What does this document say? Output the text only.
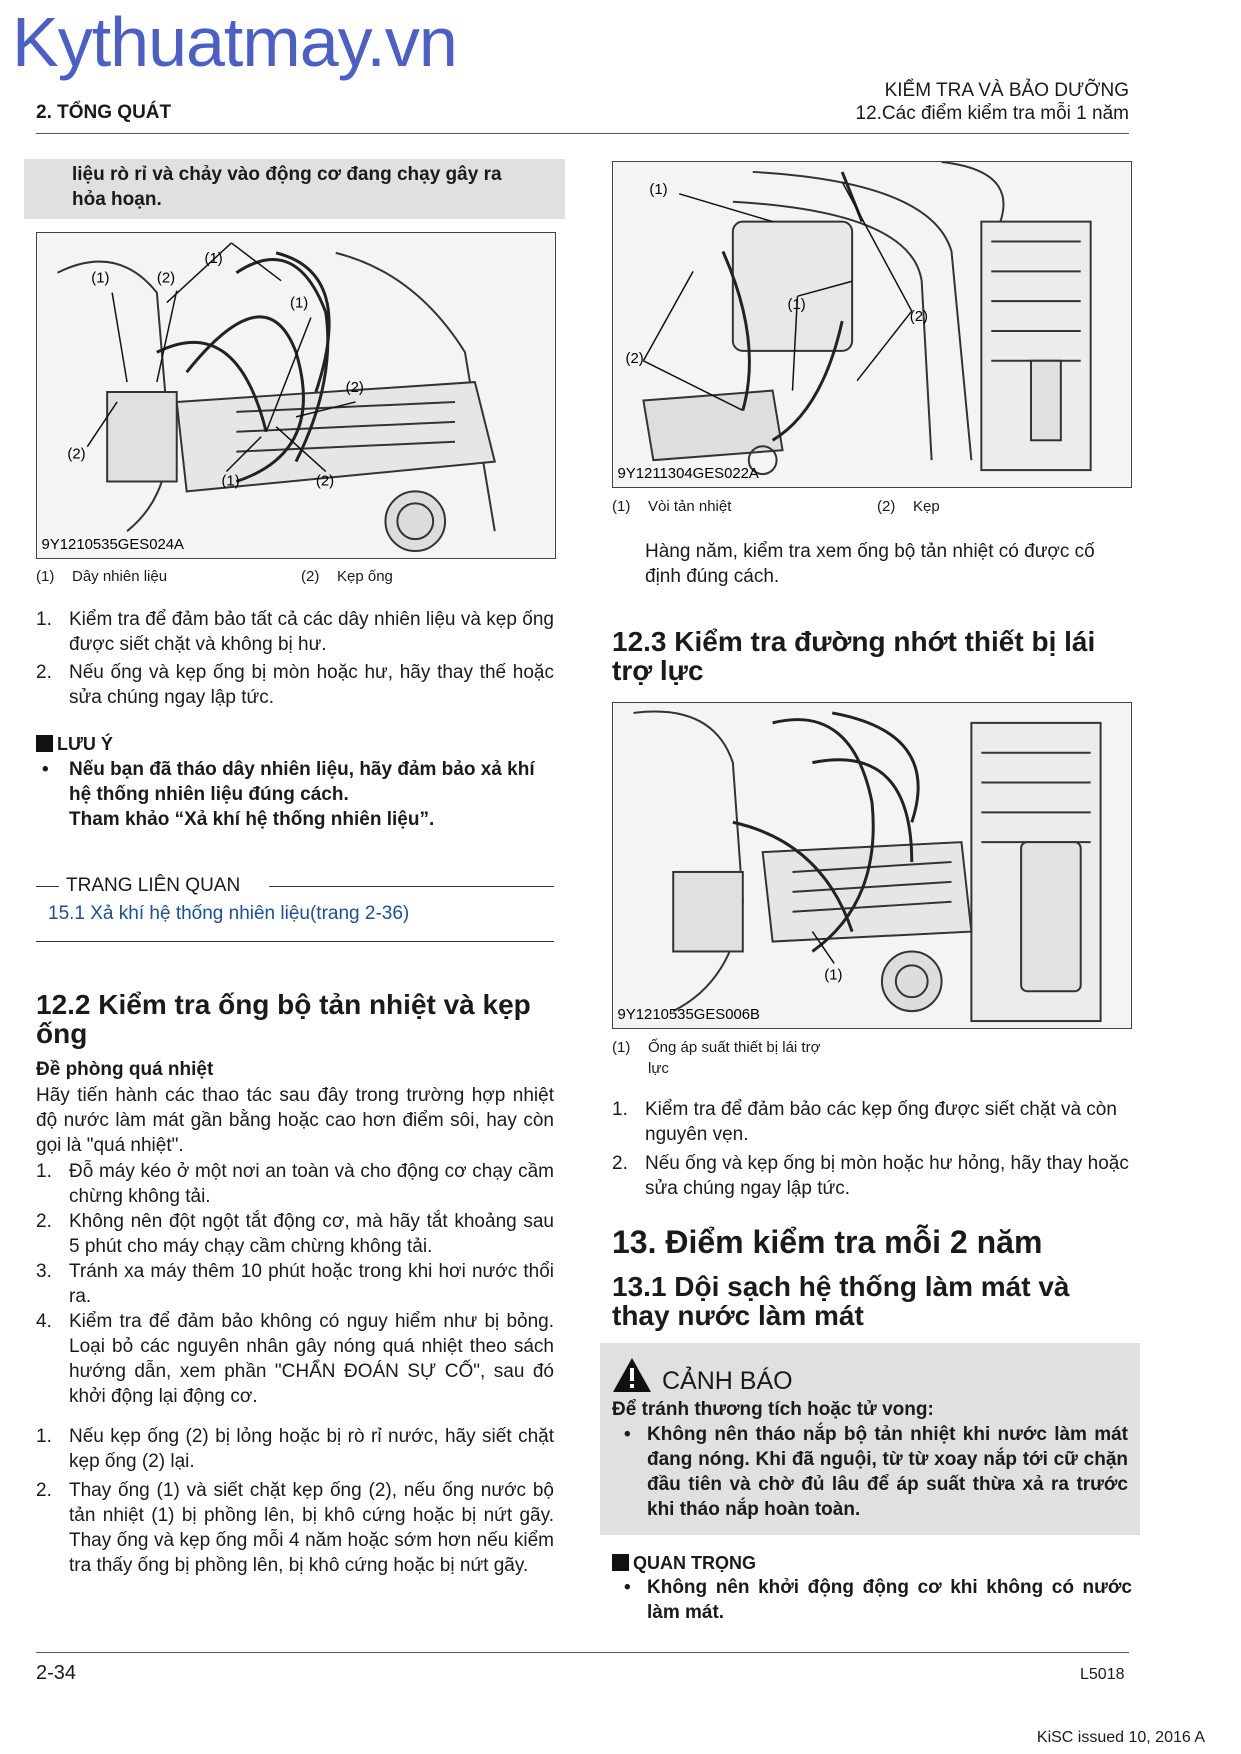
Kythuatmay.vn
2. TỔNG QUÁT
KIỂM TRA VÀ BẢO DƯỠNG
12.Các điểm kiểm tra mỗi 1 năm
liệu rò rỉ và chảy vào động cơ đang chạy gây ra
hỏa hoạn.
(1)
(1)
(1)
(1)
(2)
(2)
(2)
(2)
9Y1210535GES024A
(1) Dây nhiên liệu	(2) Kẹp ống
1. Kiểm tra để đảm bảo tất cả các dây nhiên liệu và kẹp ống được siết chặt và không bị hư.
2. Nếu ống và kẹp ống bị mòn hoặc hư, hãy thay thế hoặc sửa chúng ngay lập tức.
LƯU Ý
• Nếu bạn đã tháo dây nhiên liệu, hãy đảm bảo xả khí hệ thống nhiên liệu đúng cách.
Tham khảo “Xả khí hệ thống nhiên liệu”.
TRANG LIÊN QUAN
15.1 Xả khí hệ thống nhiên liệu(trang 2-36)
12.2 Kiểm tra ống bộ tản nhiệt và kẹp ống
Đề phòng quá nhiệt
Hãy tiến hành các thao tác sau đây trong trường hợp nhiệt độ nước làm mát gần bằng hoặc cao hơn điểm sôi, hay còn gọi là "quá nhiệt".
1. Đỗ máy kéo ở một nơi an toàn và cho động cơ chạy cầm chừng không tải.
2. Không nên đột ngột tắt động cơ, mà hãy tắt khoảng sau 5 phút cho máy chạy cầm chừng không tải.
3. Tránh xa máy thêm 10 phút hoặc trong khi hơi nước thổi ra.
4. Kiểm tra để đảm bảo không có nguy hiểm như bị bỏng. Loại bỏ các nguyên nhân gây nóng quá nhiệt theo sách hướng dẫn, xem phần "CHẨN ĐOÁN SỰ CỐ", sau đó khởi động lại động cơ.
1. Nếu kẹp ống (2) bị lỏng hoặc bị rò rỉ nước, hãy siết chặt kẹp ống (2) lại.
2. Thay ống (1) và siết chặt kẹp ống (2), nếu ống nước bộ tản nhiệt (1) bị phồng lên, bị khô cứng hoặc bị nứt gãy. Thay ống và kẹp ống mỗi 4 năm hoặc sớm hơn nếu kiểm tra thấy ống bị phồng lên, bị khô cứng hoặc bị nứt gãy.
(1)
(1)
(2)
(2)
9Y1211304GES022A
(1) Vòi tản nhiệt	(2) Kẹp
Hàng năm, kiểm tra xem ống bộ tản nhiệt có được cố định đúng cách.
12.3 Kiểm tra đường nhớt thiết bị lái trợ lực
(1)
9Y1210535GES006B
(1) Ống áp suất thiết bị lái trợ lực
1. Kiểm tra để đảm bảo các kẹp ống được siết chặt và còn nguyên vẹn.
2. Nếu ống và kẹp ống bị mòn hoặc hư hỏng, hãy thay hoặc sửa chúng ngay lập tức.
13. Điểm kiểm tra mỗi 2 năm
13.1 Dội sạch hệ thống làm mát và thay nước làm mát
CẢNH BÁO
Để tránh thương tích hoặc tử vong:
• Không nên tháo nắp bộ tản nhiệt khi nước làm mát đang nóng. Khi đã nguội, từ từ xoay nắp tới cữ chặn đầu tiên và chờ đủ lâu để áp suất thừa xả ra trước khi tháo nắp hoàn toàn.
QUAN TRỌNG
• Không nên khởi động động cơ khi không có nước làm mát.
2-34	L5018
KiSC issued 10, 2016 A
